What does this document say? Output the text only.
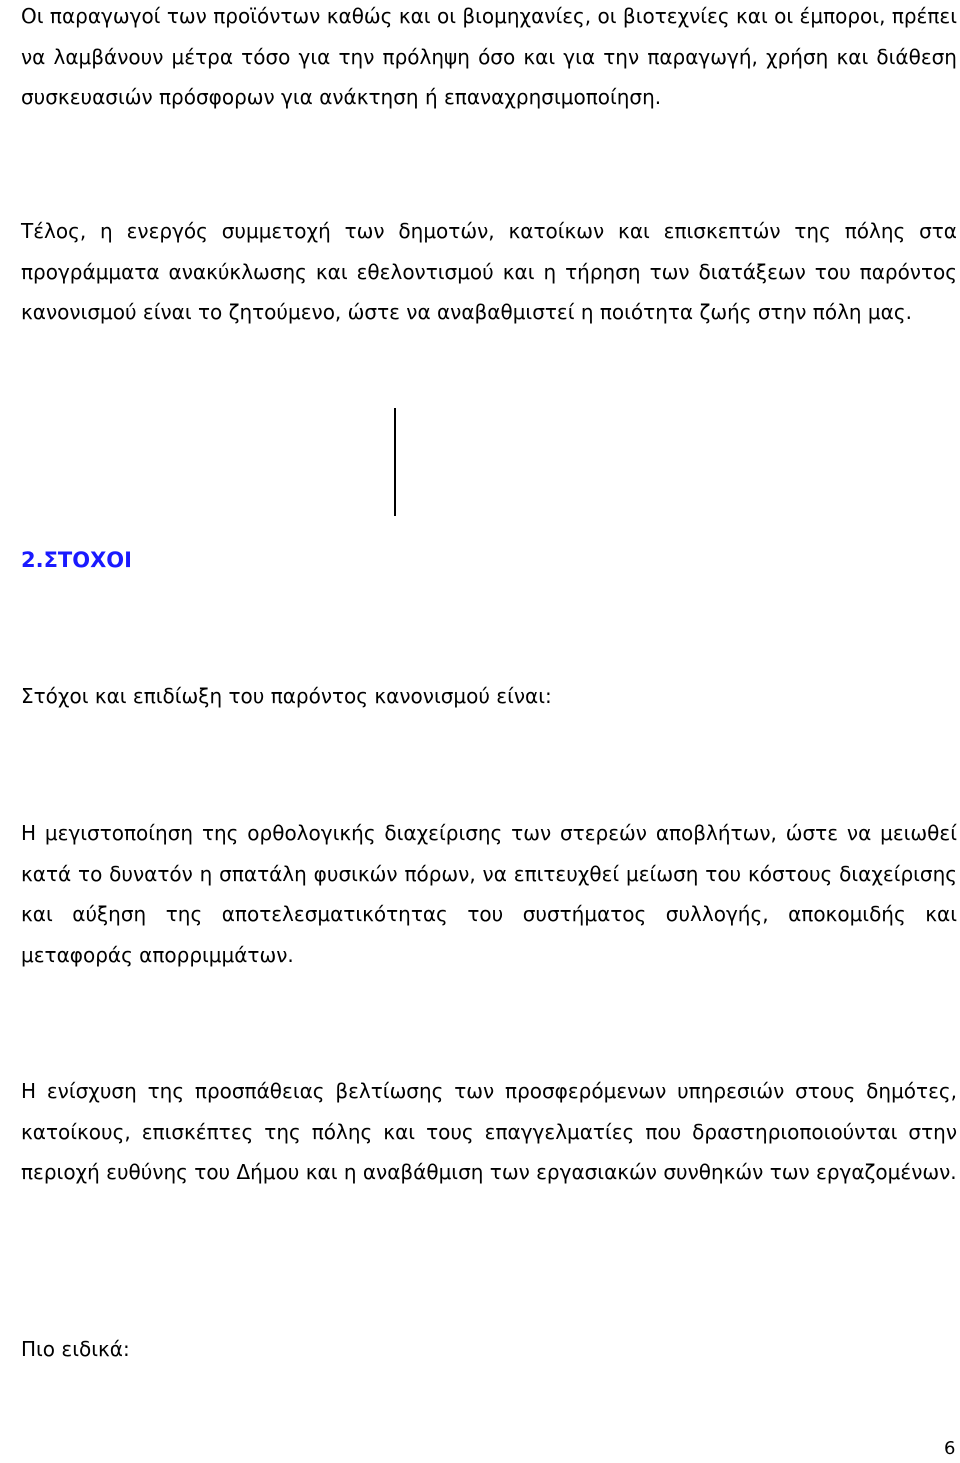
Οι παραγωγοί των προϊόντων καθώς και οι βιομηχανίες, οι βιοτεχνίες και οι έμποροι, πρέπει να λαμβάνουν μέτρα τόσο για την πρόληψη όσο και για την παραγωγή, χρήση και διάθεση συσκευασιών πρόσφορων για ανάκτηση ή επαναχρησιμοποίηση.

Τέλος, η ενεργός συμμετοχή των δημοτών, κατοίκων και επισκεπτών της πόλης στα προγράμματα ανακύκλωσης και εθελοντισμού και η τήρηση των διατάξεων του παρόντος κανονισμού είναι το ζητούμενο, ώστε να αναβαθμιστεί η ποιότητα ζωής στην πόλη μας.

2.ΣΤΟΧΟΙ

Στόχοι και επιδίωξη του παρόντος κανονισμού είναι:

Η μεγιστοποίηση της ορθολογικής διαχείρισης των στερεών αποβλήτων, ώστε να μειωθεί κατά το δυνατόν η σπατάλη φυσικών πόρων, να επιτευχθεί μείωση του κόστους διαχείρισης και αύξηση της αποτελεσματικότητας του συστήματος συλλογής, αποκομιδής και μεταφοράς απορριμμάτων.

Η ενίσχυση της προσπάθειας βελτίωσης των προσφερόμενων υπηρεσιών στους δημότες, κατοίκους, επισκέπτες της πόλης και τους επαγγελματίες που δραστηριοποιούνται στην περιοχή ευθύνης του Δήμου και η αναβάθμιση των εργασιακών συνθηκών των εργαζομένων.

Πιο ειδικά:

6
